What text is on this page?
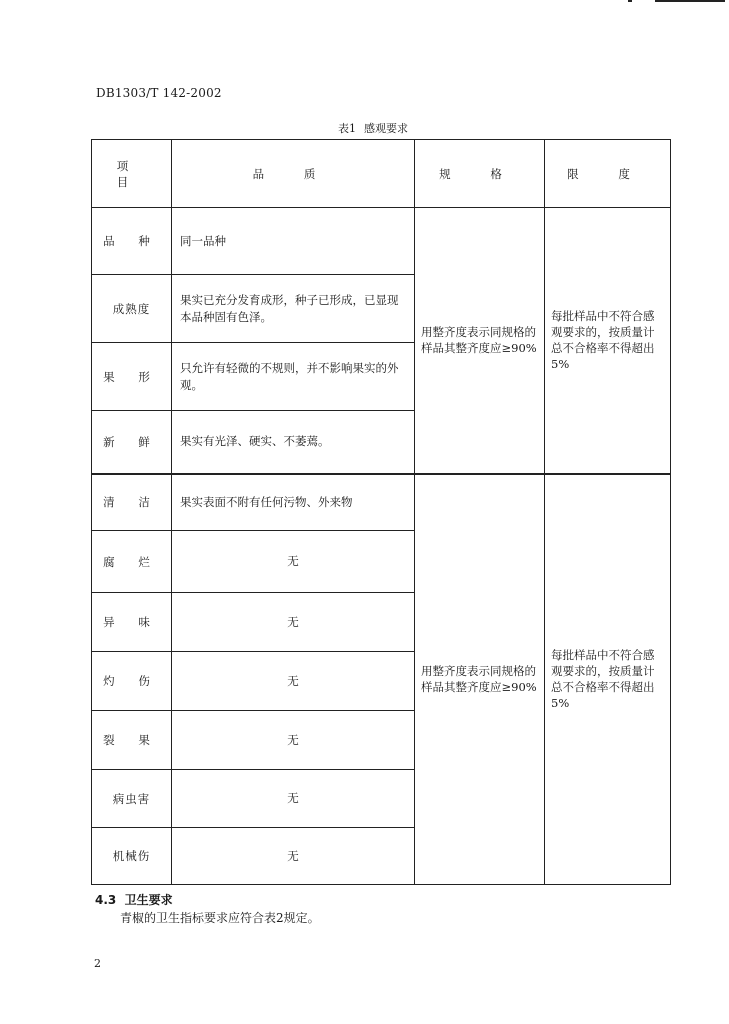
DB1303/T 142-2002
表1 感观要求
项 目	品 质	规 格	限 度
品 种	同一品种	用整齐度表示同规格的样品其整齐度应≥90%	每批样品中不符合感观要求的，按质量计总不合格率不得超出5%
成熟度	果实已充分发育成形，种子已形成，已显现本品种固有色泽。		
果 形	只允许有轻微的不规则，并不影响果实的外观。		
新 鲜	果实有光泽、硬实、不萎蔫。		
清 洁	果实表面不附有任何污物、外来物	用整齐度表示同规格的样品其整齐度应≥90%	每批样品中不符合感观要求的，按质量计总不合格率不得超出5%
腐 烂	无		
异 味	无		
灼 伤	无		
裂 果	无		
病虫害	无		
机械伤	无		
4.3 卫生要求
青椒的卫生指标要求应符合表2规定。
2
